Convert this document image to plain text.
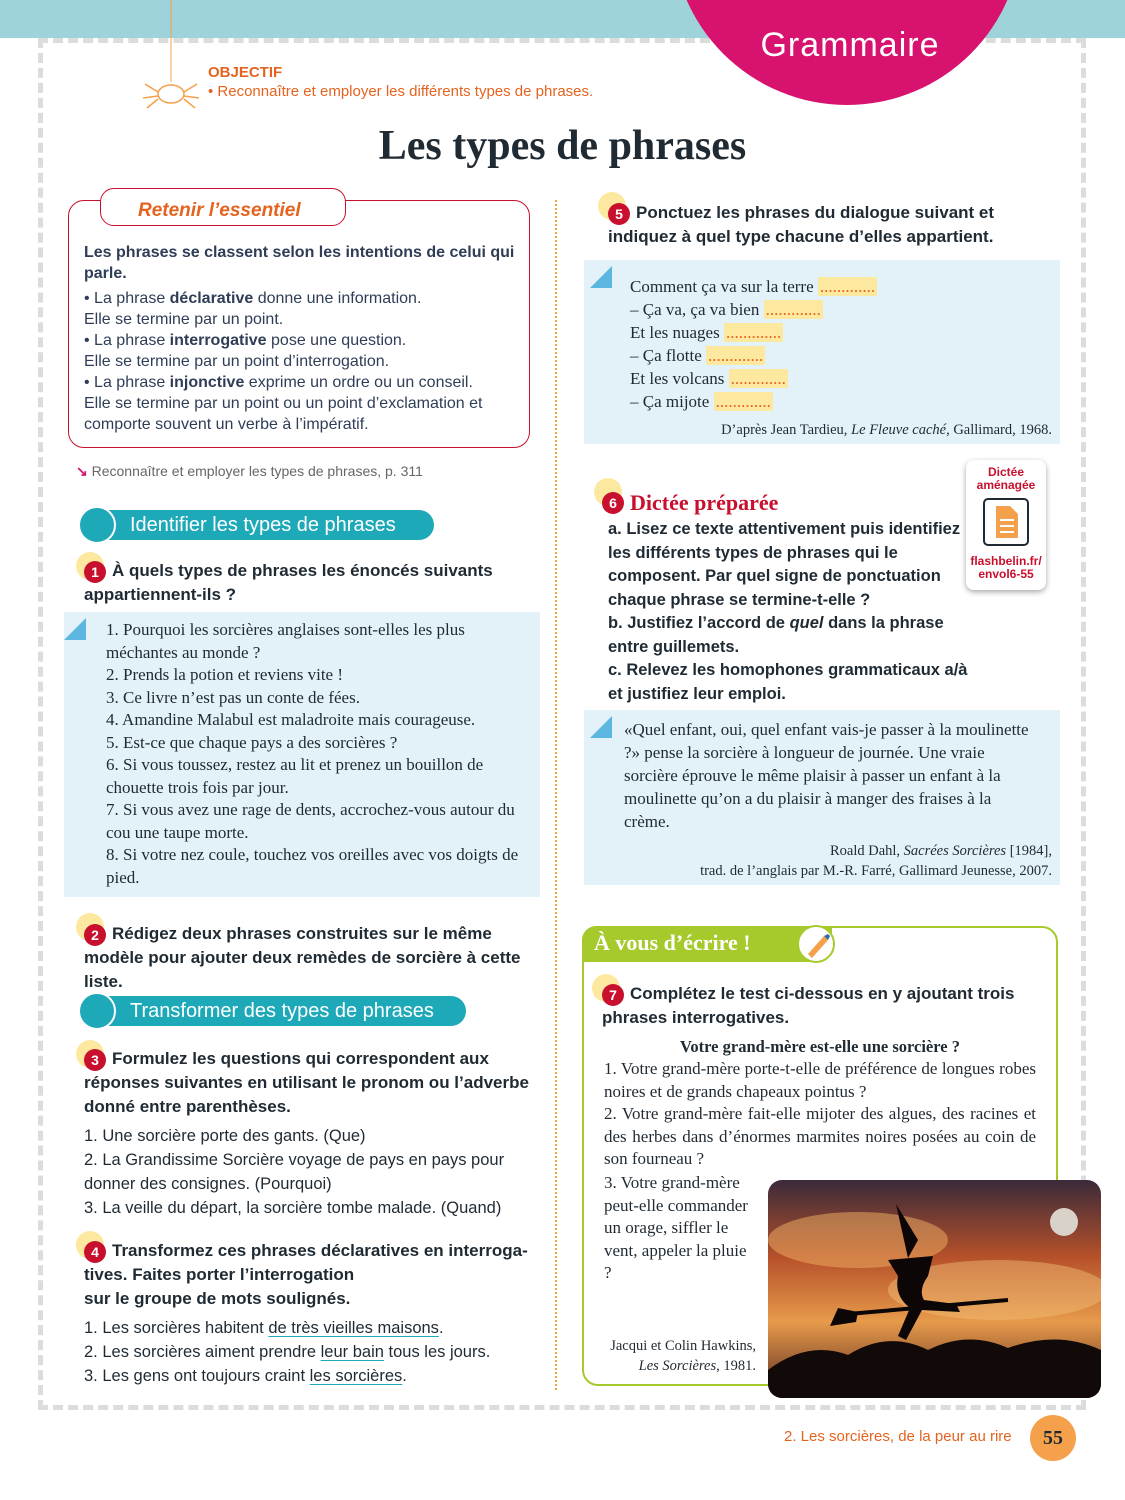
Grammaire
OBJECTIF
• Reconnaître et employer les différents types de phrases.
Les types de phrases
Retenir l’essentiel
Les phrases se classent selon les intentions de celui qui parle.
• La phrase déclarative donne une information.
Elle se termine par un point.
• La phrase interrogative pose une question.
Elle se termine par un point d’interrogation.
• La phrase injonctive exprime un ordre ou un conseil.
Elle se termine par un point ou un point d’exclamation et comporte souvent un verbe à l’impératif.
↘ Reconnaître et employer les types de phrases, p. 311
Identifier les types de phrases
1 À quels types de phrases les énoncés suivants appartiennent-ils ?
1. Pourquoi les sorcières anglaises sont-elles les plus méchantes au monde ?
2. Prends la potion et reviens vite !
3. Ce livre n’est pas un conte de fées.
4. Amandine Malabul est maladroite mais courageuse.
5. Est-ce que chaque pays a des sorcières ?
6. Si vous toussez, restez au lit et prenez un bouillon de chouette trois fois par jour.
7. Si vous avez une rage de dents, accrochez-vous autour du cou une taupe morte.
8. Si votre nez coule, touchez vos oreilles avec vos doigts de pied.
2 Rédigez deux phrases construites sur le même modèle pour ajouter deux remèdes de sorcière à cette liste.
Transformer des types de phrases
3 Formulez les questions qui correspondent aux réponses suivantes en utilisant le pronom ou l’adverbe donné entre parenthèses.
1. Une sorcière porte des gants. (Que)
2. La Grandissime Sorcière voyage de pays en pays pour donner des consignes. (Pourquoi)
3. La veille du départ, la sorcière tombe malade. (Quand)
4 Transformez ces phrases déclaratives en interroga-
tives. Faites porter l’interrogation
sur le groupe de mots soulignés.
1. Les sorcières habitent de très vieilles maisons.
2. Les sorcières aiment prendre leur bain tous les jours.
3. Les gens ont toujours craint les sorcières.
5 Ponctuez les phrases du dialogue suivant et indiquez à quel type chacune d’elles appartient.
Comment ça va sur la terre .............
– Ça va, ça va bien .............
Et les nuages .............
– Ça flotte .............
Et les volcans .............
– Ça mijote .............
D’après Jean Tardieu, Le Fleuve caché, Gallimard, 1968.
6 Dictée préparée
a. Lisez ce texte attentivement puis identifiez les différents types de phrases qui le composent. Par quel signe de ponctuation chaque phrase se termine-t-elle ?
b. Justifiez l’accord de quel dans la phrase entre guillemets.
c. Relevez les homophones grammaticaux a/à et justifiez leur emploi.
Dictée aménagée
flashbelin.fr/ envol6-55
«Quel enfant, oui, quel enfant vais-je passer à la moulinette ?» pense la sorcière à longueur de journée. Une vraie sorcière éprouve le même plaisir à passer un enfant à la moulinette qu’on a du plaisir à manger des fraises à la crème.
Roald Dahl, Sacrées Sorcières [1984],
trad. de l’anglais par M.-R. Farré, Gallimard Jeunesse, 2007.
À vous d’écrire !
7 Complétez le test ci-dessous en y ajoutant trois phrases interrogatives.
Votre grand-mère est-elle une sorcière ?
1. Votre grand-mère porte-t-elle de préférence de longues robes noires et de grands chapeaux pointus ?
2. Votre grand-mère fait-elle mijoter des algues, des racines et des herbes dans d’énormes marmites noires posées au coin de son fourneau ?
3. Votre grand-mère peut-elle commander un orage, siffler le vent, appeler la pluie ?
Jacqui et Colin Hawkins,
Les Sorcières, 1981.
2. Les sorcières, de la peur au rire	55
